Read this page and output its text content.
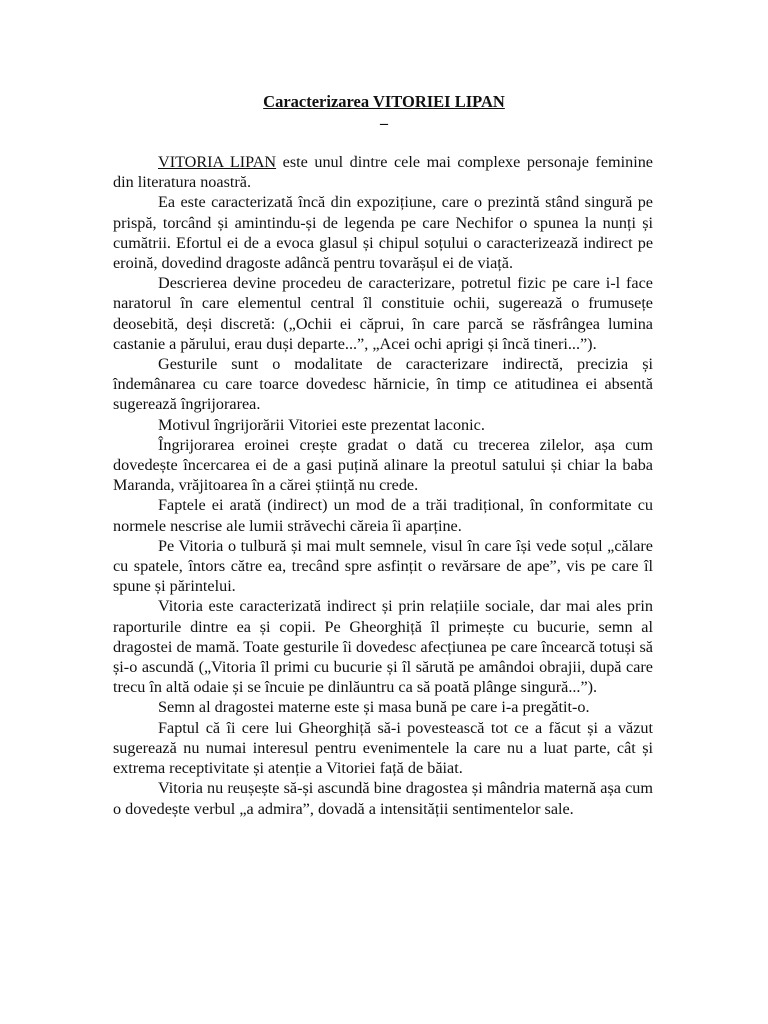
Caracterizarea VITORIEI LIPAN
–

VITORIA LIPAN este unul dintre cele mai complexe personaje feminine din literatura noastră.

Ea este caracterizată încă din expozițiune, care o prezintă stând singură pe prispă, torcând și amintindu-și de legenda pe care Nechifor o spunea la nunți și cumătrii. Efortul ei de a evoca glasul și chipul soțului o caracterizează indirect pe eroină, dovedind dragoste adâncă pentru tovarășul ei de viață.

Descrierea devine procedeu de caracterizare, potretul fizic pe care i-l face naratorul în care elementul central îl constituie ochii, sugerează o frumusețe deosebită, deși discretă: („Ochii ei căprui, în care parcă se răsfrângea lumina castanie a părului, erau duși departe...”, „Acei ochi aprigi și încă tineri...”).

Gesturile sunt o modalitate de caracterizare indirectă, precizia și îndemânarea cu care toarce dovedesc hărnicie, în timp ce atitudinea ei absentă sugerează îngrijorarea.

Motivul îngrijorării Vitoriei este prezentat laconic.

Îngrijorarea eroinei crește gradat o dată cu trecerea zilelor, așa cum dovedește încercarea ei de a gasi puțină alinare la preotul satului și chiar la baba Maranda, vrăjitoarea în a cărei știință nu crede.

Faptele ei arată (indirect) un mod de a trăi tradițional, în conformitate cu normele nescrise ale lumii străvechi căreia îi aparține.

Pe Vitoria o tulbură și mai mult semnele, visul în care își vede soțul „călare cu spatele, întors către ea, trecând spre asfințit o revărsare de ape”, vis pe care îl spune și părintelui.

Vitoria este caracterizată indirect și prin relațiile sociale, dar mai ales prin raporturile dintre ea și copii. Pe Gheorghiță îl primește cu bucurie, semn al dragostei de mamă. Toate gesturile îi dovedesc afecțiunea pe care încearcă totuși să și-o ascundă („Vitoria îl primi cu bucurie și îl sărută pe amândoi obrajii, după care trecu în altă odaie și se încuie pe dinlăuntru ca să poată plânge singură...”).

Semn al dragostei materne este și masa bună pe care i-a pregătit-o.

Faptul că îi cere lui Gheorghiță să-i povestească tot ce a făcut și a văzut sugerează nu numai interesul pentru evenimentele la care nu a luat parte, cât și extrema receptivitate și atenție a Vitoriei față de băiat.

Vitoria nu reușește să-și ascundă bine dragostea și mândria maternă așa cum o dovedește verbul „a admira”, dovadă a intensității sentimentelor sale.
